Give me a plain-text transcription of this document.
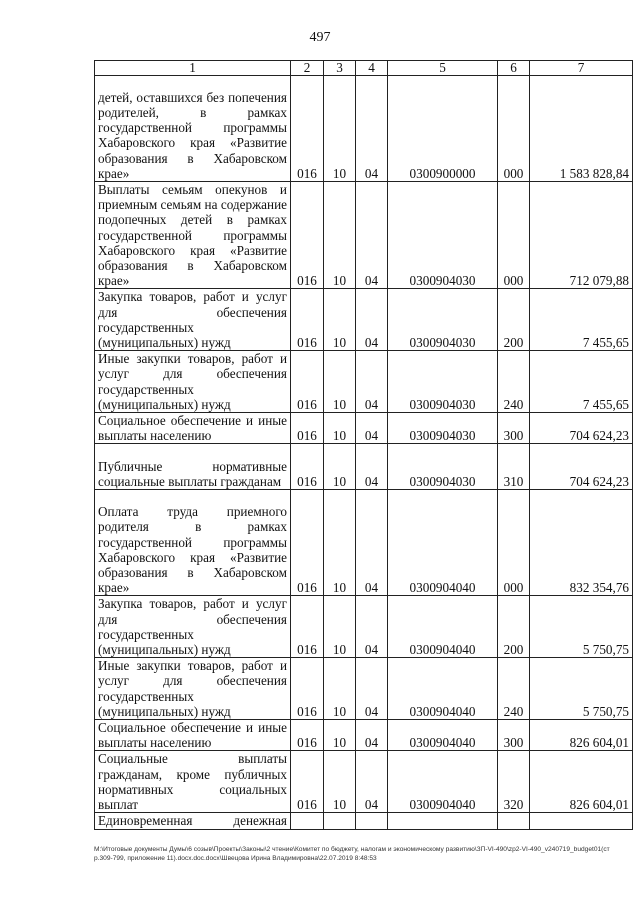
497
1	2	3	4	5	6	7
детей, оставшихся без попечения родителей, в рамках государственной программы Хабаровского края «Развитие образования в Хабаровском крае»	016	10	04	0300900000	000	1 583 828,84
Выплаты семьям опекунов и приемным семьям на содержание подопечных детей в рамках государственной программы Хабаровского края «Развитие образования в Хабаровском крае»	016	10	04	0300904030	000	712 079,88
Закупка товаров, работ и услуг для обеспечения государственных (муниципальных) нужд	016	10	04	0300904030	200	7 455,65
Иные закупки товаров, работ и услуг для обеспечения государственных (муниципальных) нужд	016	10	04	0300904030	240	7 455,65
Социальное обеспечение и иные выплаты населению	016	10	04	0300904030	300	704 624,23
Публичные нормативные социальные выплаты гражданам	016	10	04	0300904030	310	704 624,23
Оплата труда приемного родителя в рамках государственной программы Хабаровского края «Развитие образования в Хабаровском крае»	016	10	04	0300904040	000	832 354,76
Закупка товаров, работ и услуг для обеспечения государственных (муниципальных) нужд	016	10	04	0300904040	200	5 750,75
Иные закупки товаров, работ и услуг для обеспечения государственных (муниципальных) нужд	016	10	04	0300904040	240	5 750,75
Социальное обеспечение и иные выплаты населению	016	10	04	0300904040	300	826 604,01
Социальные выплаты гражданам, кроме публичных нормативных социальных выплат	016	10	04	0300904040	320	826 604,01
Единовременная денежная						
M:\Итоговые документы Думы\6 созыв\Проекты\Законы\2 чтение\Комитет по бюджету, налогам и экономическому развитию\ЗП-VI-490\zp2-VI-490_v240719_budget01(стр.309-799, приложение 11).docx.doc.docx\Швецова Ирина Владимировна\22.07.2019 8:48:53
